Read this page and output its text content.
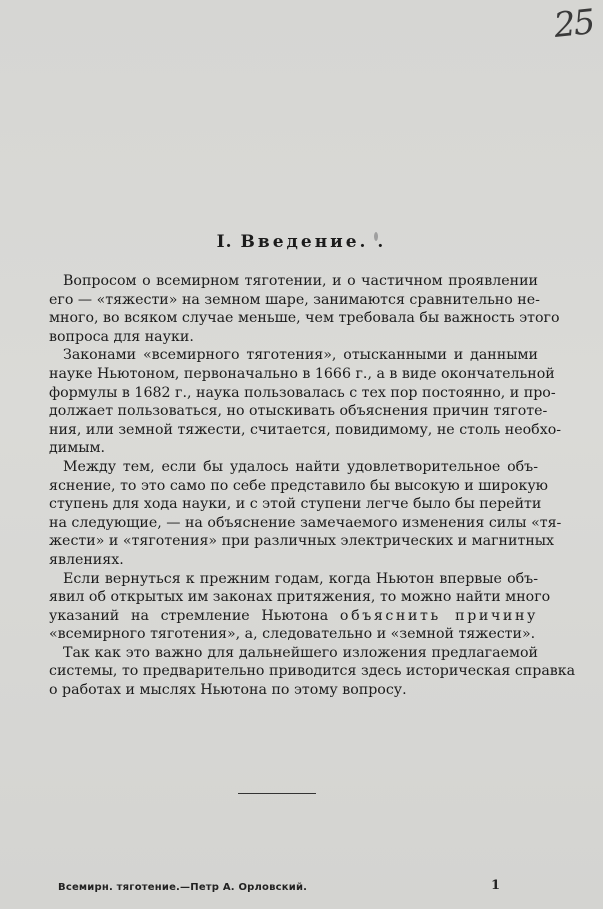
25
I. Введение. .

Вопросом о всемирном тяготении, и о частичном проявлении
его — «тяжести» на земном шаре, занимаются сравнительно не-
много, во всяком случае меньше, чем требовала бы важность этого
вопроса для науки.

Законами «всемирного тяготения», отысканными и данными
науке Ньютоном, первоначально в 1666 г., а в виде окончательной
формулы в 1682 г., наука пользовалась с тех пор постоянно, и про-
должает пользоваться, но отыскивать объяснения причин тяготе-
ния, или земной тяжести, считается, повидимому, не столь необхо-
димым.

Между тем, если бы удалось найти удовлетворительное объ-
яснение, то это само по себе представило бы высокую и широкую
ступень для хода науки, и с этой ступени легче было бы перейти
на следующие, — на объяснение замечаемого изменения силы «тя-
жести» и «тяготения» при различных электрических и магнитных
явлениях.

Если вернуться к прежним годам, когда Ньютон впервые объ-
явил об открытых им законах притяжения, то можно найти много
указаний на стремление Ньютона объяснить причину
«всемирного тяготения», а, следовательно и «земной тяжести».

Так как это важно для дальнейшего изложения предлагаемой
системы, то предварительно приводится здесь историческая справка
о работах и мыслях Ньютона по этому вопросу.

Всемирн. тяготение.—Петр А. Орловский.	1
